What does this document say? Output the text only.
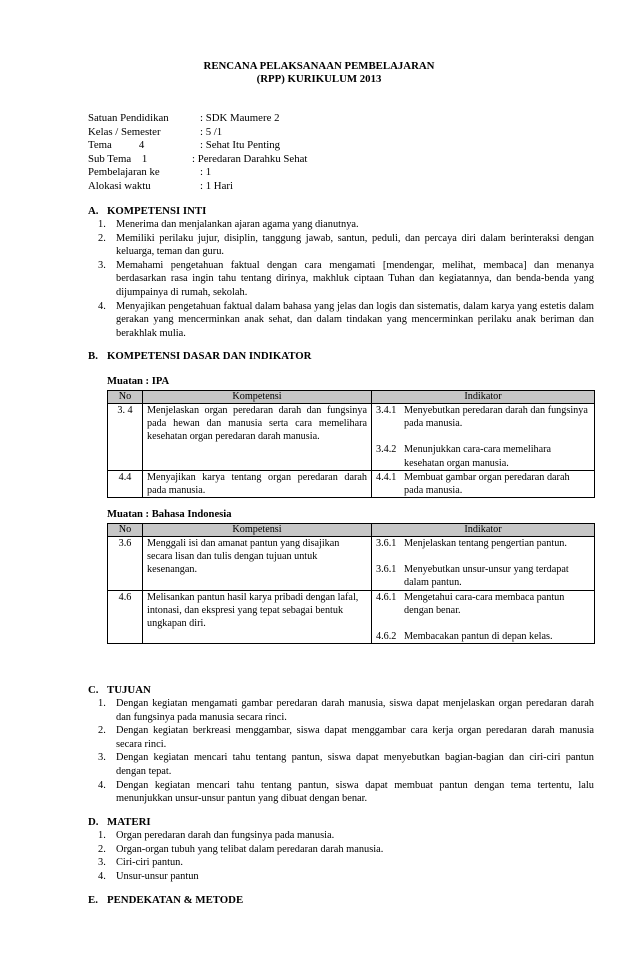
RENCANA PELAKSANAAN PEMBELAJARAN
(RPP) KURIKULUM 2013
Satuan Pendidikan	: SDK Maumere 2
Kelas / Semester	: 5 /1
Tema          4	: Sehat Itu Penting
Sub Tema    1	: Peredaran Darahku Sehat
Pembelajaran ke	: 1
Alokasi waktu	: 1 Hari
A. KOMPETENSI INTI
1. Menerima dan menjalankan ajaran agama yang dianutnya.
2. Memiliki perilaku jujur, disiplin, tanggung jawab, santun, peduli, dan percaya diri dalam berinteraksi dengan keluarga, teman dan guru.
3. Memahami pengetahuan faktual dengan cara mengamati [mendengar, melihat, membaca] dan menanya berdasarkan rasa ingin tahu tentang dirinya, makhluk ciptaan Tuhan dan kegiatannya, dan benda-benda yang dijumpainya di rumah, sekolah.
4. Menyajikan pengetahuan faktual dalam bahasa yang jelas dan logis dan sistematis, dalam karya yang estetis dalam gerakan yang mencerminkan anak sehat, dan dalam tindakan yang mencerminkan perilaku anak beriman dan berakhlak mulia.
B. KOMPETENSI DASAR DAN INDIKATOR
Muatan : IPA
No	Kompetensi	Indikator
3. 4	Menjelaskan organ peredaran darah dan fungsinya pada hewan dan manusia serta cara memelihara kesehatan organ peredaran darah manusia.	3.4.1 Menyebutkan peredaran darah dan fungsinya pada manusia.
3.4.2 Menunjukkan cara-cara memelihara kesehatan organ manusia.

4.4	Menyajikan karya tentang organ peredaran darah pada manusia.	4.4.1 Membuat gambar organ peredaran darah pada manusia.
Muatan : Bahasa Indonesia
No	Kompetensi	Indikator
3.6	Menggali isi dan amanat pantun yang disajikan secara lisan dan tulis dengan tujuan untuk kesenangan.	3.6.1 Menjelaskan tentang pengertian pantun.
3.6.1 Menyebutkan unsur-unsur yang terdapat dalam pantun.

4.6	Melisankan pantun hasil karya pribadi dengan lafal, intonasi, dan ekspresi yang tepat sebagai bentuk ungkapan diri.	4.6.1 Mengetahui cara-cara membaca pantun dengan benar.
4.6.2 Membacakan pantun di depan kelas.
C. TUJUAN
1. Dengan kegiatan mengamati gambar peredaran darah manusia, siswa dapat menjelaskan organ peredaran darah dan fungsinya pada manusia secara rinci.
2. Dengan kegiatan berkreasi menggambar, siswa dapat menggambar cara kerja organ peredaran darah manusia secara rinci.
3. Dengan kegiatan mencari tahu tentang pantun, siswa dapat menyebutkan bagian-bagian dan ciri-ciri pantun dengan tepat.
4. Dengan kegiatan mencari tahu tentang pantun, siswa dapat membuat pantun dengan tema tertentu, lalu menunjukkan unsur-unsur pantun yang dibuat dengan benar.
D. MATERI
1. Organ peredaran darah dan fungsinya pada manusia.
2. Organ-organ tubuh yang telibat dalam peredaran darah manusia.
3. Ciri-ciri pantun.
4. Unsur-unsur pantun
E. PENDEKATAN & METODE
